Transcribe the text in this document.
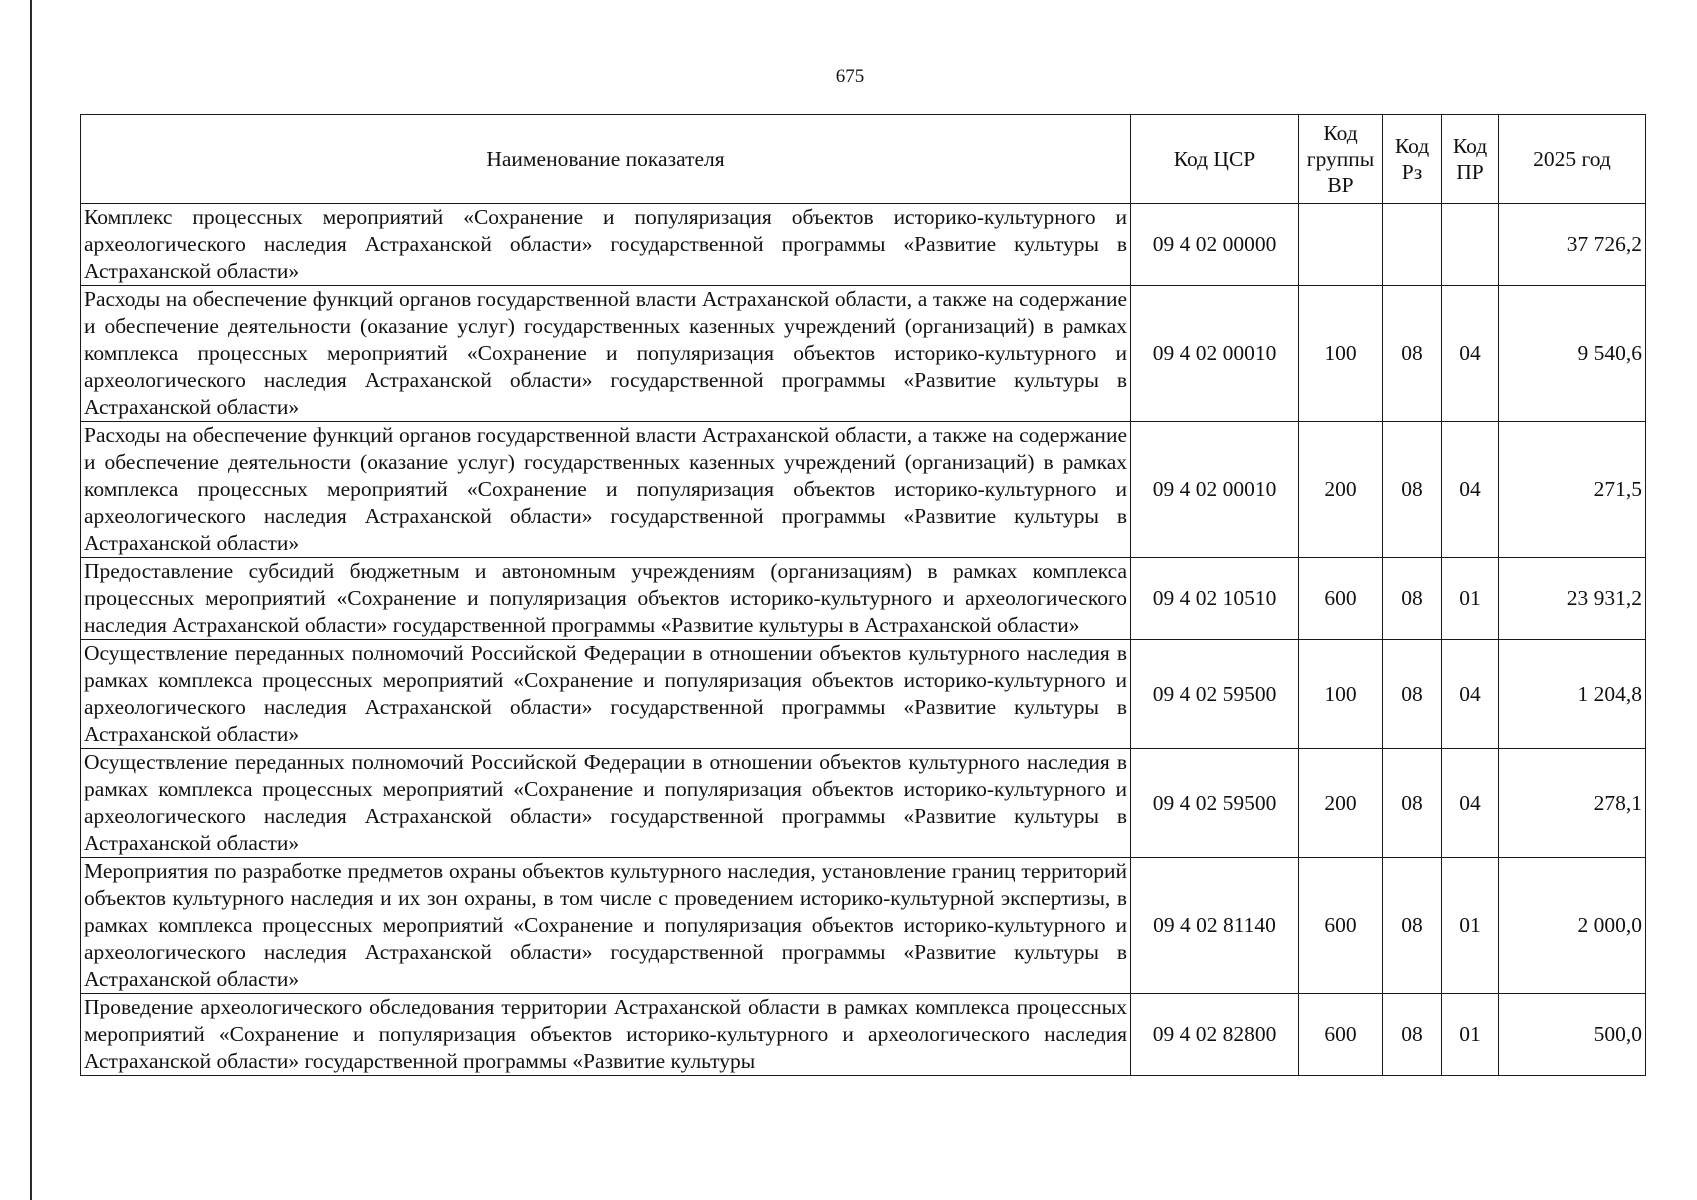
675
Наименование показателя	Код ЦСР	Код группы ВР	Код Рз	Код ПР	2025 год
Комплекс процессных мероприятий «Сохранение и популяризация объектов историко-культурного и археологического наследия Астраханской области» государственной программы «Развитие культуры в Астраханской области»	09 4 02 00000				37 726,2
Расходы на обеспечение функций органов государственной власти Астраханской области, а также на содержание и обеспечение деятельности (оказание услуг) государственных казенных учреждений (организаций) в рамках комплекса процессных мероприятий «Сохранение и популяризация объектов историко-культурного и археологического наследия Астраханской области» государственной программы «Развитие культуры в Астраханской области»	09 4 02 00010	100	08	04	9 540,6
Расходы на обеспечение функций органов государственной власти Астраханской области, а также на содержание и обеспечение деятельности (оказание услуг) государственных казенных учреждений (организаций) в рамках комплекса процессных мероприятий «Сохранение и популяризация объектов историко-культурного и археологического наследия Астраханской области» государственной программы «Развитие культуры в Астраханской области»	09 4 02 00010	200	08	04	271,5
Предоставление субсидий бюджетным и автономным учреждениям (организациям) в рамках комплекса процессных мероприятий «Сохранение и популяризация объектов историко-культурного и археологического наследия Астраханской области» государственной программы «Развитие культуры в Астраханской области»	09 4 02 10510	600	08	01	23 931,2
Осуществление переданных полномочий Российской Федерации в отношении объектов культурного наследия в рамках комплекса процессных мероприятий «Сохранение и популяризация объектов историко-культурного и археологического наследия Астраханской области» государственной программы «Развитие культуры в Астраханской области»	09 4 02 59500	100	08	04	1 204,8
Осуществление переданных полномочий Российской Федерации в отношении объектов культурного наследия в рамках комплекса процессных мероприятий «Сохранение и популяризация объектов историко-культурного и археологического наследия Астраханской области» государственной программы «Развитие культуры в Астраханской области»	09 4 02 59500	200	08	04	278,1
Мероприятия по разработке предметов охраны объектов культурного наследия, установление границ территорий объектов культурного наследия и их зон охраны, в том числе с проведением историко-культурной экспертизы, в рамках комплекса процессных мероприятий «Сохранение и популяризация объектов историко-культурного и археологического наследия Астраханской области» государственной программы «Развитие культуры в Астраханской области»	09 4 02 81140	600	08	01	2 000,0
Проведение археологического обследования территории Астраханской области в рамках комплекса процессных мероприятий «Сохранение и популяризация объектов историко-культурного и археологического наследия Астраханской области» государственной программы «Развитие культуры	09 4 02 82800	600	08	01	500,0
